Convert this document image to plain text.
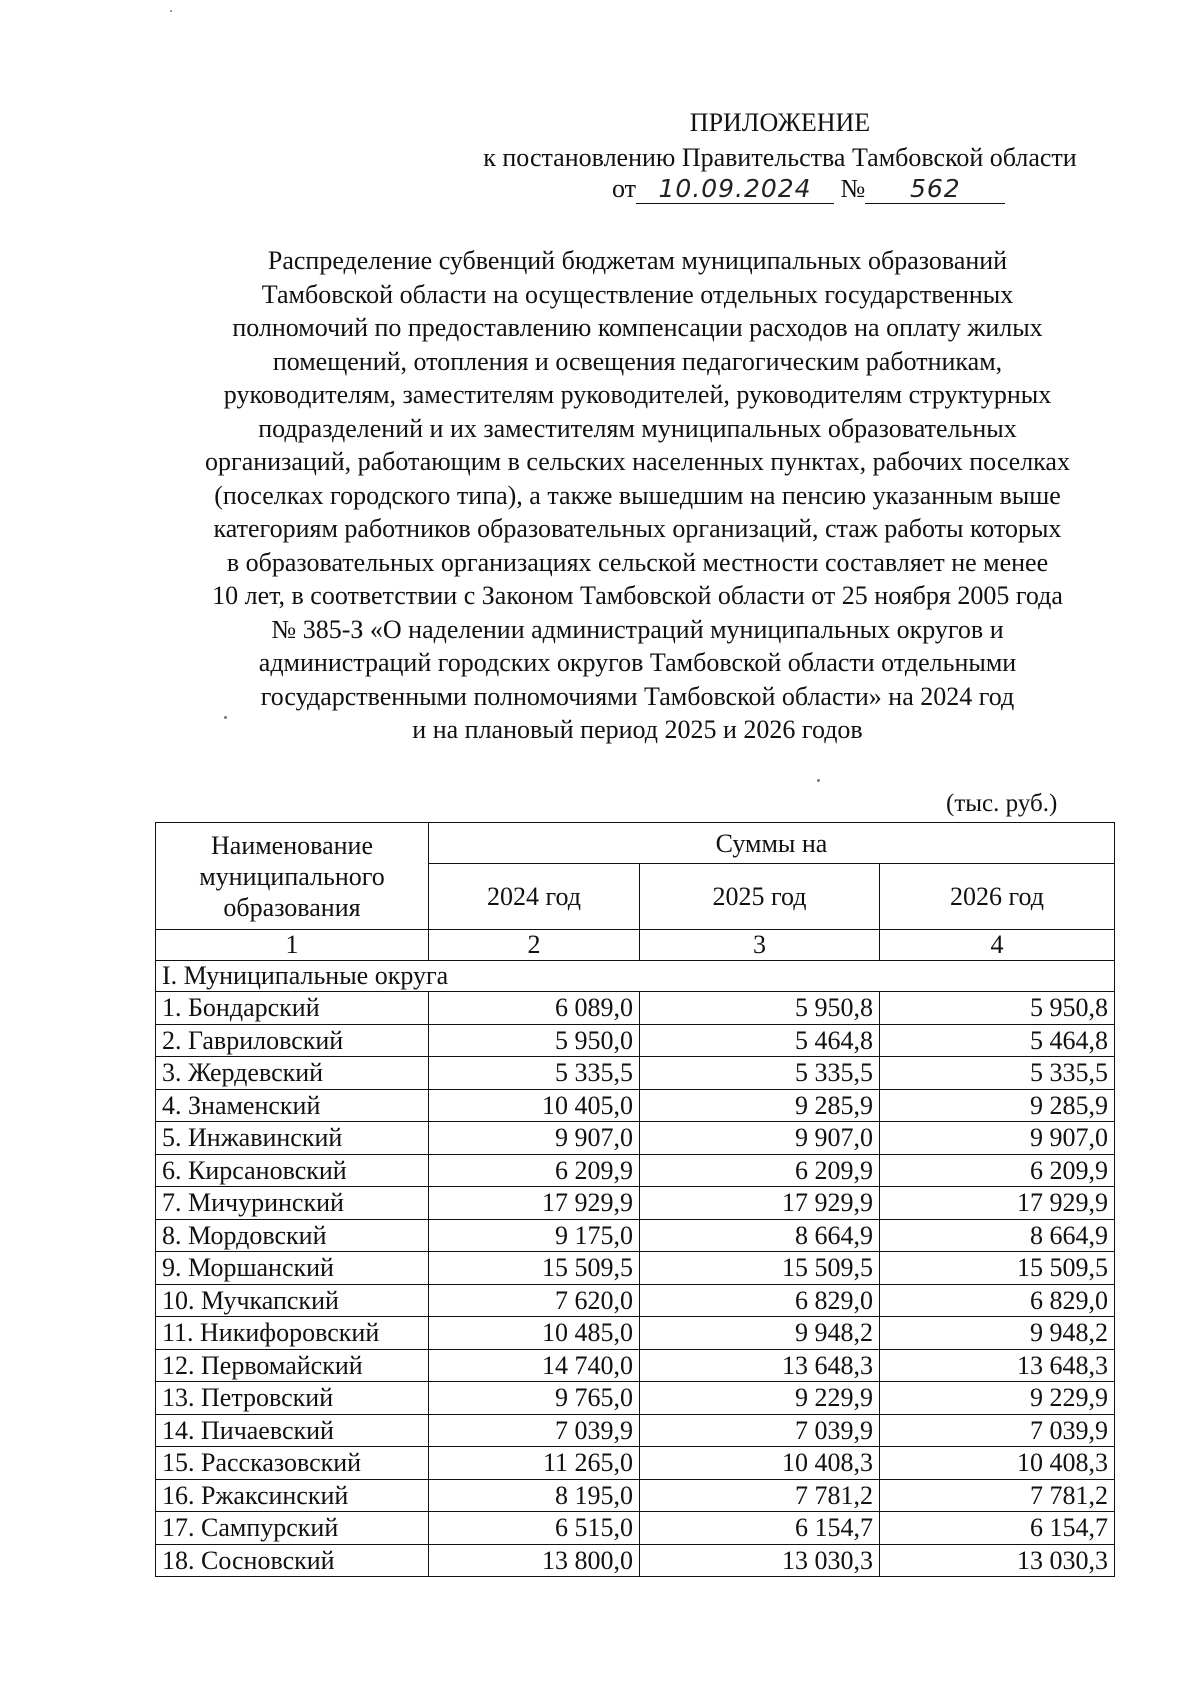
ПРИЛОЖЕНИЕ
к постановлению Правительства Тамбовской области
от 10.09.2024 № 562
Распределение субвенций бюджетам муниципальных образований
Тамбовской области на осуществление отдельных государственных
полномочий по предоставлению компенсации расходов на оплату жилых
помещений, отопления и освещения педагогическим работникам,
руководителям, заместителям руководителей, руководителям структурных
подразделений и их заместителям муниципальных образовательных
организаций, работающим в сельских населенных пунктах, рабочих поселках
(поселках городского типа), а также вышедшим на пенсию указанным выше
категориям работников образовательных организаций, стаж работы которых
в образовательных организациях сельской местности составляет не менее
10 лет, в соответствии с Законом Тамбовской области от 25 ноября 2005 года
№ 385-З «О наделении администраций муниципальных округов и
администраций городских округов Тамбовской области отдельными
государственными полномочиями Тамбовской области» на 2024 год
и на плановый период 2025 и 2026 годов
(тыс. руб.)
Наименование муниципального образования	Суммы на		
	2024 год	2025 год	2026 год
1	2	3	4
I. Муниципальные округа			
1. Бондарский	6 089,0	5 950,8	5 950,8
2. Гавриловский	5 950,0	5 464,8	5 464,8
3. Жердевский	5 335,5	5 335,5	5 335,5
4. Знаменский	10 405,0	9 285,9	9 285,9
5. Инжавинский	9 907,0	9 907,0	9 907,0
6. Кирсановский	6 209,9	6 209,9	6 209,9
7. Мичуринский	17 929,9	17 929,9	17 929,9
8. Мордовский	9 175,0	8 664,9	8 664,9
9. Моршанский	15 509,5	15 509,5	15 509,5
10. Мучкапский	7 620,0	6 829,0	6 829,0
11. Никифоровский	10 485,0	9 948,2	9 948,2
12. Первомайский	14 740,0	13 648,3	13 648,3
13. Петровский	9 765,0	9 229,9	9 229,9
14. Пичаевский	7 039,9	7 039,9	7 039,9
15. Рассказовский	11 265,0	10 408,3	10 408,3
16. Ржаксинский	8 195,0	7 781,2	7 781,2
17. Сампурский	6 515,0	6 154,7	6 154,7
18. Сосновский	13 800,0	13 030,3	13 030,3
